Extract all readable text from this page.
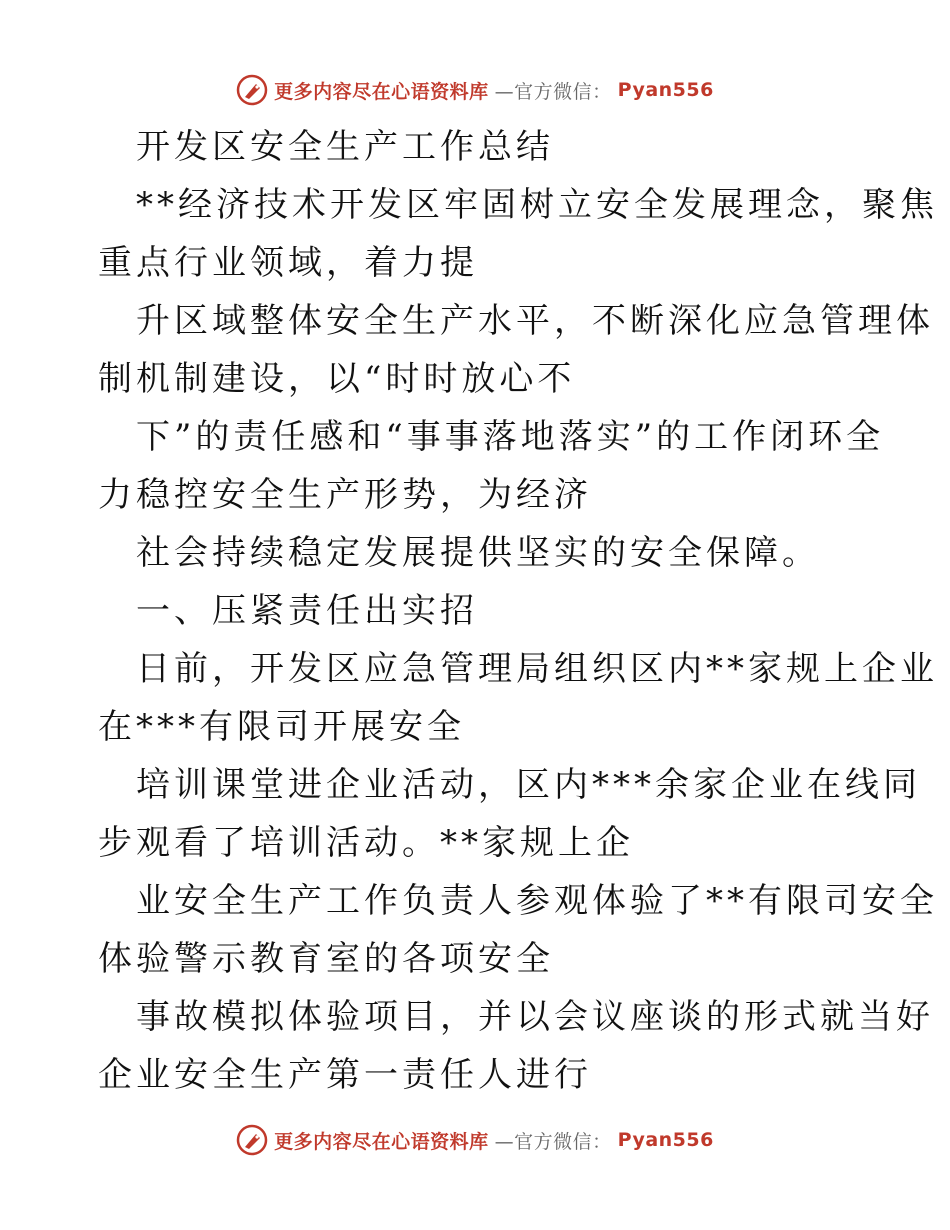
更多内容尽在心语资料库 —官方微信： Pyan556

开发区安全生产工作总结

**经济技术开发区牢固树立安全发展理念，聚焦

重点行业领域，着力提

升区域整体安全生产水平，不断深化应急管理体

制机制建设，以“时时放心不

下”的责任感和“事事落地落实”的工作闭环全

力稳控安全生产形势，为经济

社会持续稳定发展提供坚实的安全保障。

一、压紧责任出实招

日前，开发区应急管理局组织区内**家规上企业

在***有限司开展安全

培训课堂进企业活动，区内***余家企业在线同

步观看了培训活动。**家规上企

业安全生产工作负责人参观体验了**有限司安全

体验警示教育室的各项安全

事故模拟体验项目，并以会议座谈的形式就当好

企业安全生产第一责任人进行

更多内容尽在心语资料库 —官方微信： Pyan556
